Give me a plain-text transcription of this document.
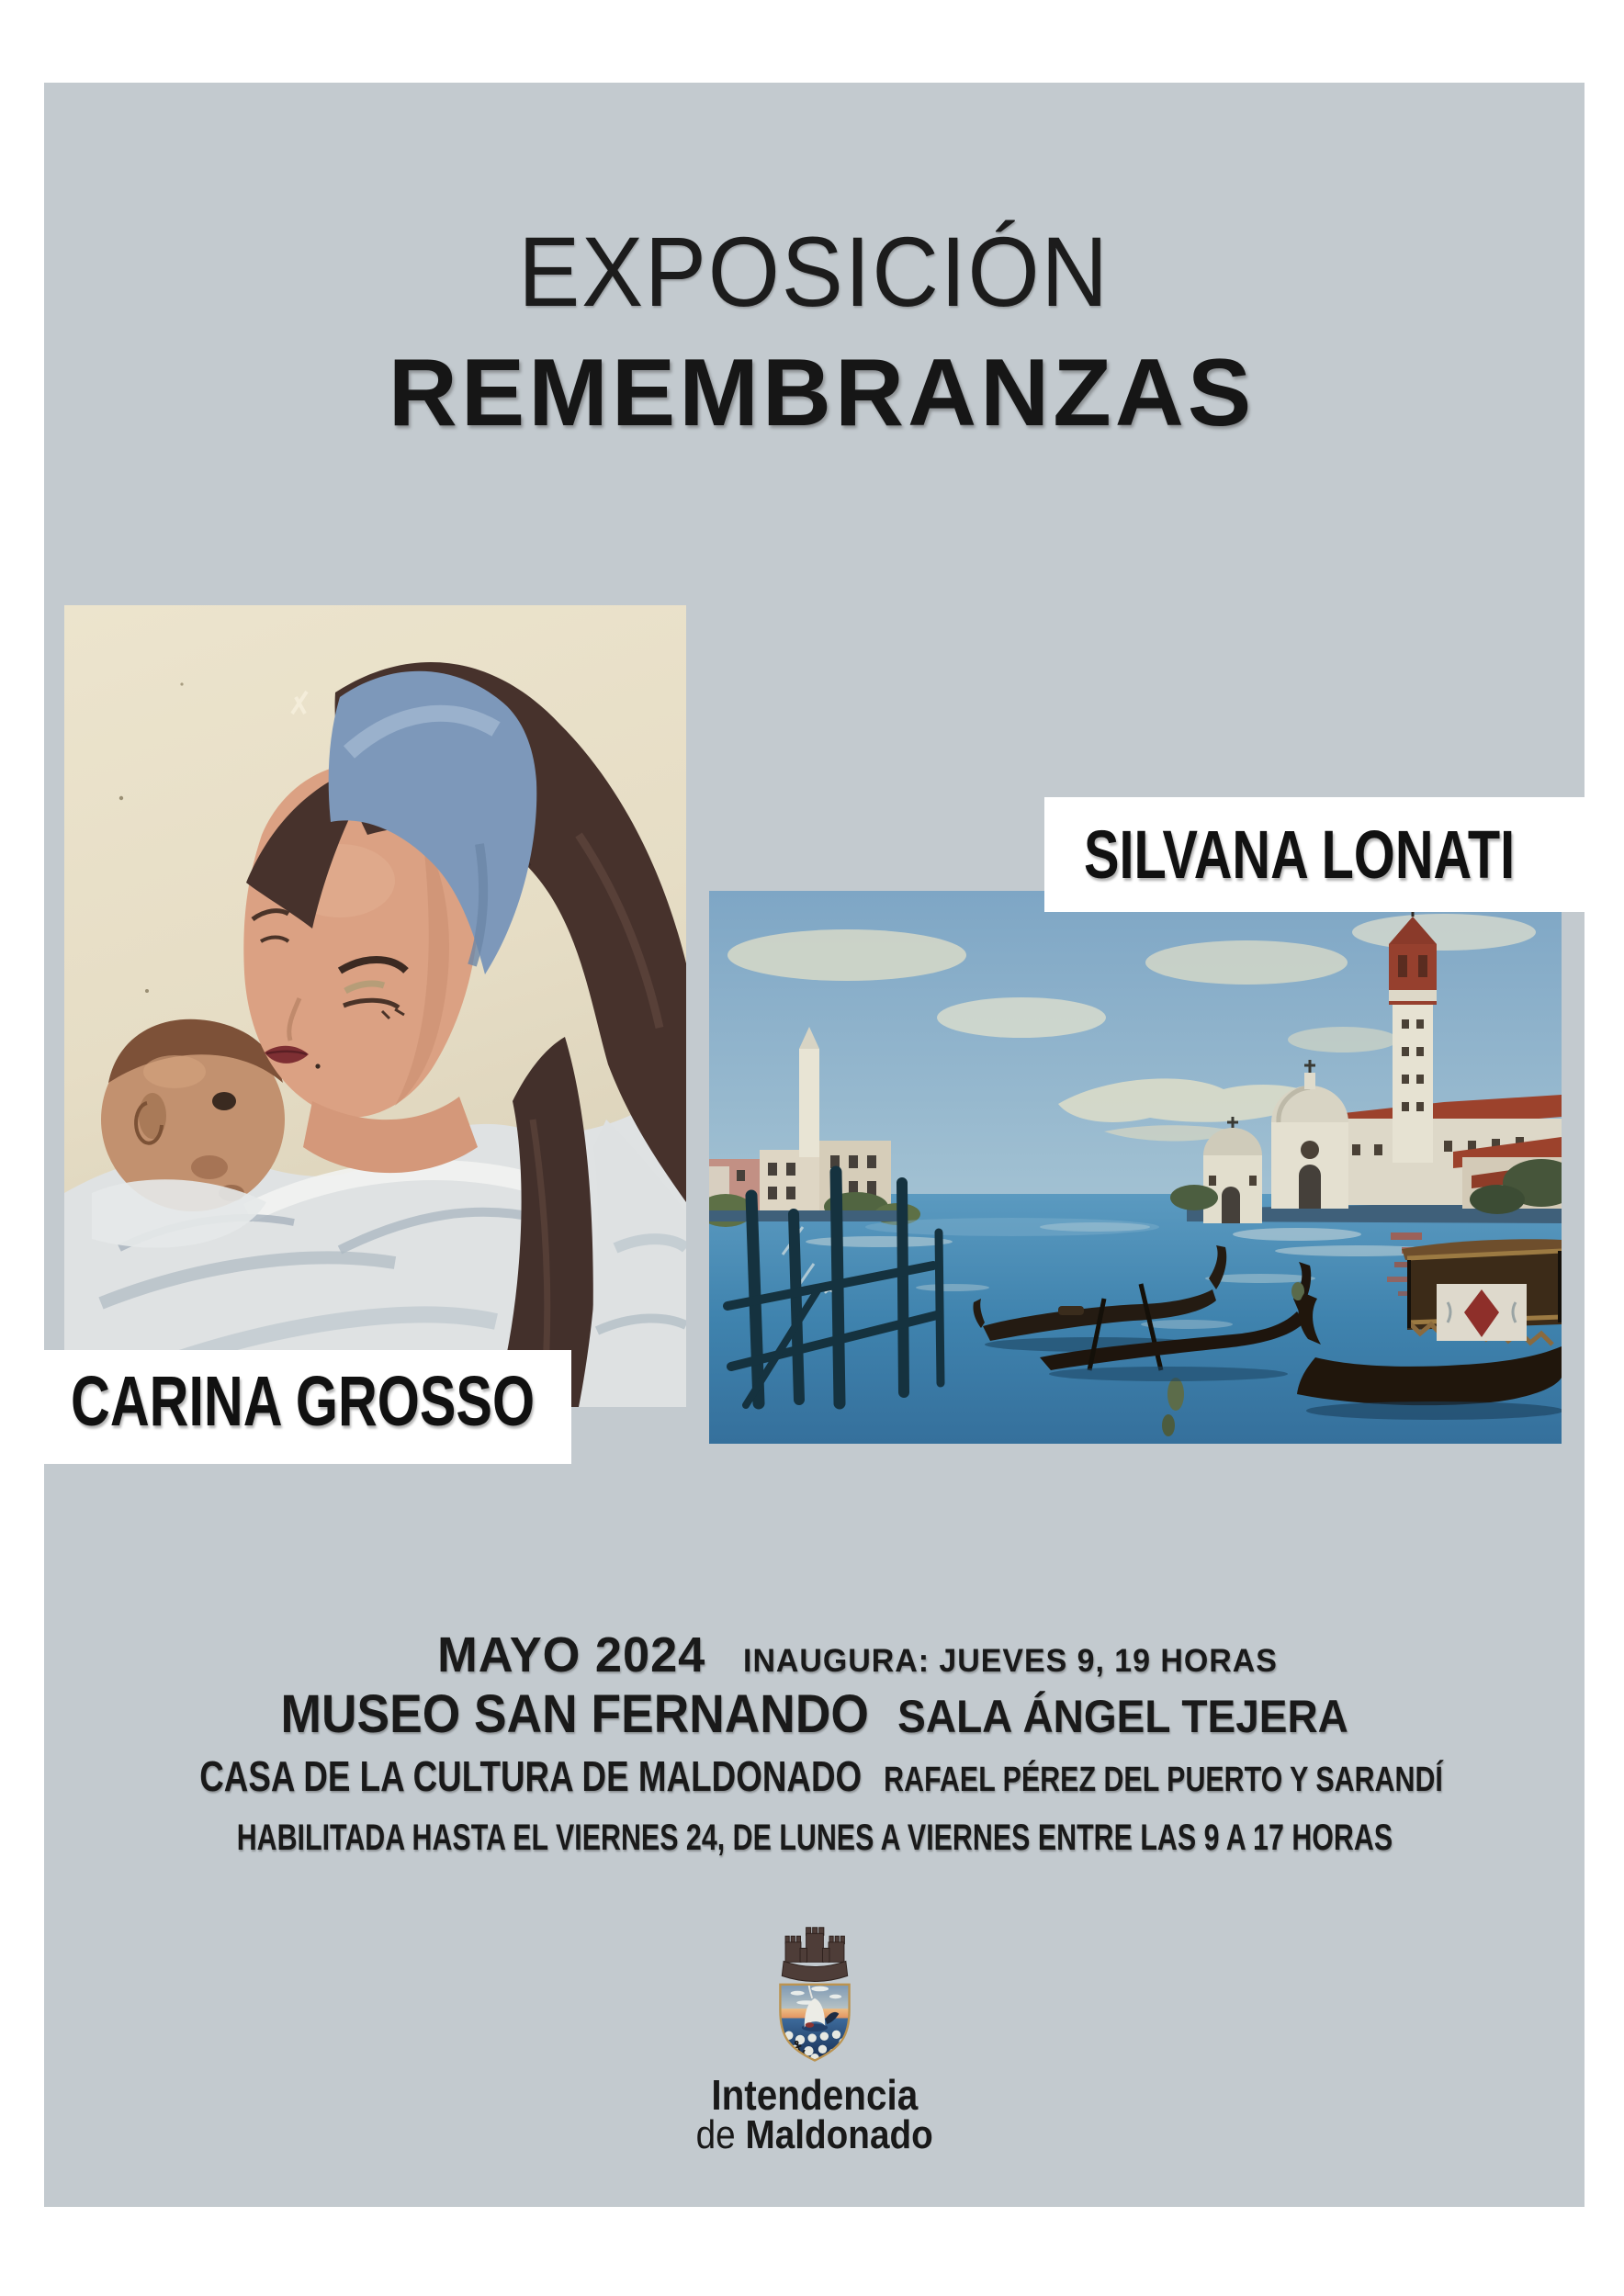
EXPOSICIÓN
REMEMBRANZAS
SILVANA LONATI
CARINA GROSSO
MAYO 2024 INAUGURA: JUEVES 9, 19 HORAS
MUSEO SAN FERNANDO SALA ÁNGEL TEJERA
CASA DE LA CULTURA DE MALDONADO RAFAEL PÉREZ DEL PUERTO Y SARANDÍ
HABILITADA HASTA EL VIERNES 24, DE LUNES A VIERNES ENTRE LAS 9 A 17 HORAS
Intendencia
de Maldonado
